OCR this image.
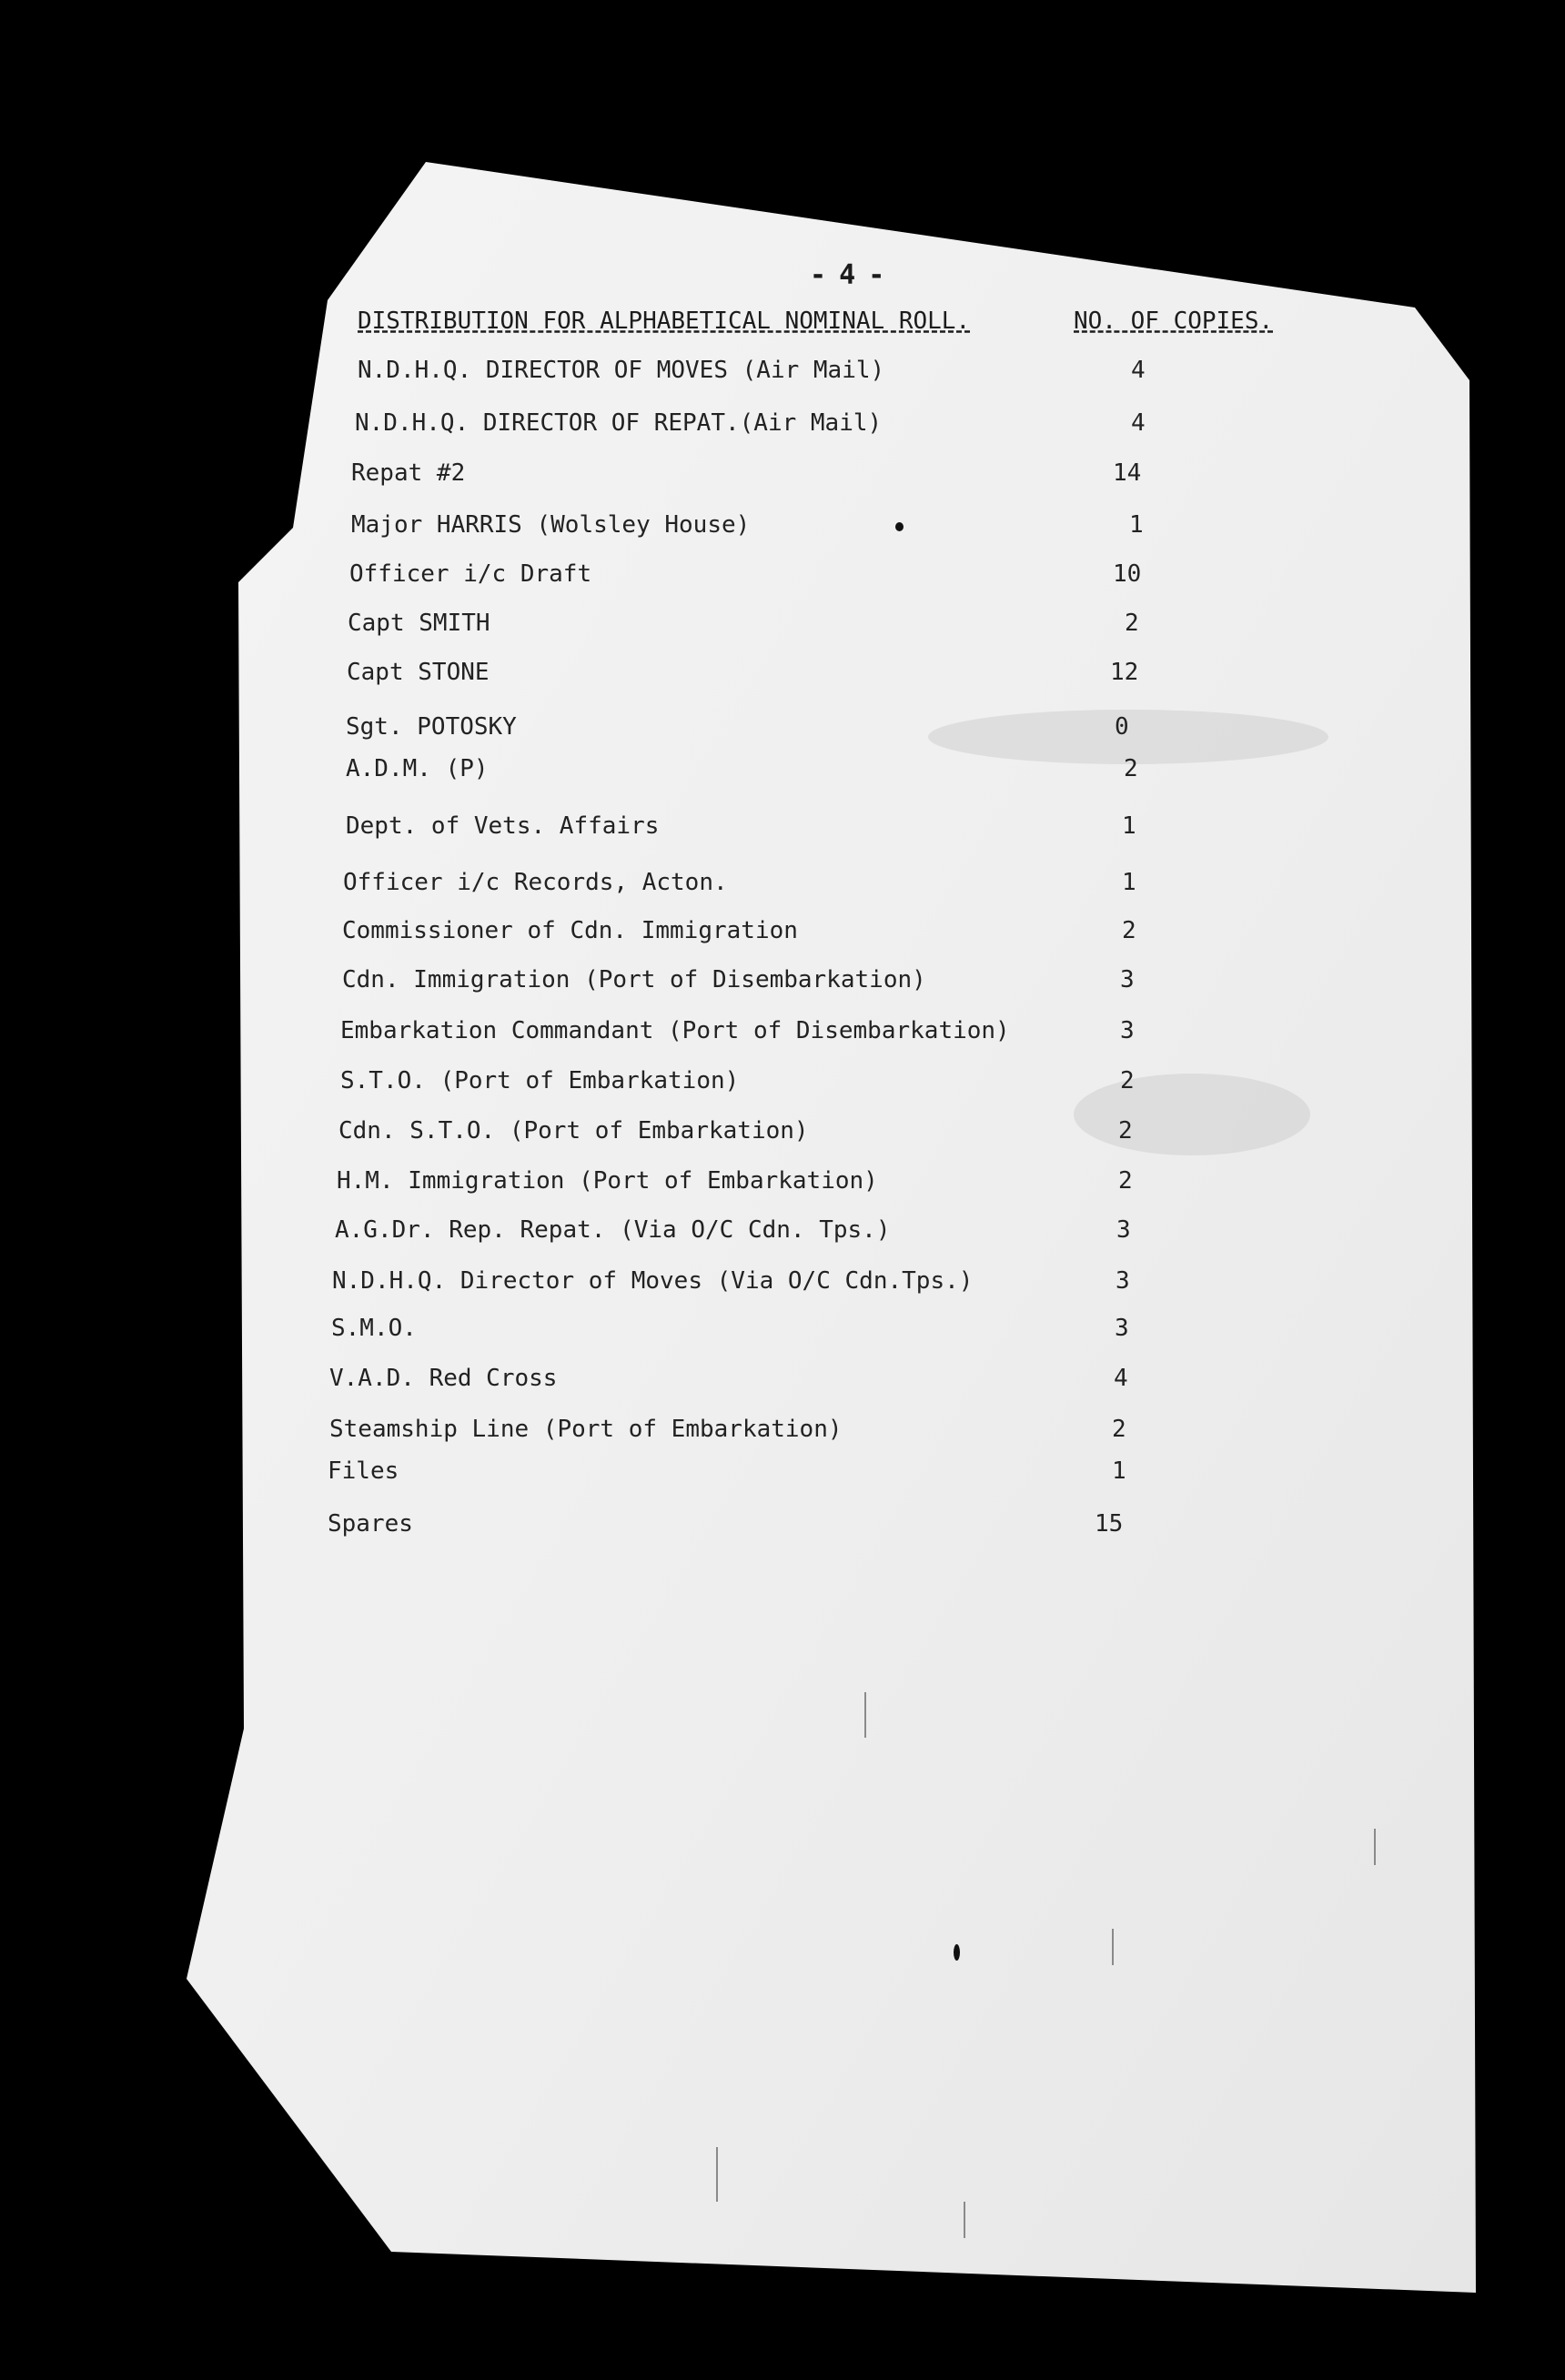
- 4 -
DISTRIBUTION FOR ALPHABETICAL NOMINAL ROLL.	NO. OF COPIES.
N.D.H.Q. DIRECTOR OF MOVES (Air Mail)	4
N.D.H.Q. DIRECTOR OF REPAT.(Air Mail)	4
Repat #2	14
Major HARRIS (Wolsley House)	1
Officer i/c Draft	10
Capt SMITH	2
Capt STONE	12
Sgt. POTOSKY	0
A.D.M. (P)	2
Dept. of Vets. Affairs	1
Officer i/c Records, Acton.	1
Commissioner of Cdn. Immigration	2
Cdn. Immigration (Port of Disembarkation)	3
Embarkation Commandant (Port of Disembarkation)	3
S.T.O. (Port of Embarkation)	2
Cdn. S.T.O. (Port of Embarkation)	2
H.M. Immigration (Port of Embarkation)	2
A.G.Dr. Rep. Repat. (Via O/C Cdn. Tps.)	3
N.D.H.Q. Director of Moves (Via O/C Cdn.Tps.)	3
S.M.O.	3
V.A.D. Red Cross	4
Steamship Line (Port of Embarkation)	2
Files	1
Spares	15
